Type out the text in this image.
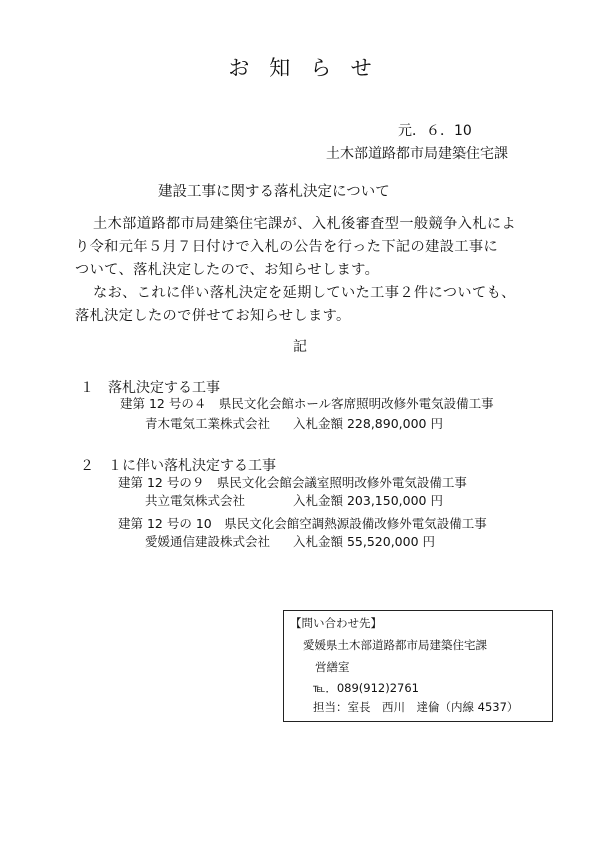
お知らせ
元．６．10
土木部道路都市局建築住宅課
建設工事に関する落札決定について
土木部道路都市局建築住宅課が、入札後審査型一般競争入札によ
り令和元年５月７日付けで入札の公告を行った下記の建設工事に
ついて、落札決定したので、お知らせします。
なお、これに伴い落札決定を延期していた工事２件についても、
落札決定したので併せてお知らせします。
記
１　落札決定する工事
建第 12 号の４　県民文化会館ホール客席照明改修外電気設備工事
青木電気工業株式会社 入札金額 228,890,000 円
２　１に伴い落札決定する工事
建第 12 号の９　県民文化会館会議室照明改修外電気設備工事
共立電気株式会社	入札金額 203,150,000 円
建第 12 号の 10　県民文化会館空調熱源設備改修外電気設備工事
愛媛通信建設株式会社 入札金額 55,520,000 円
【問い合わせ先】
愛媛県土木部道路都市局建築住宅課
営繕室
℡．089(912)2761
担当：室長　西川　達倫（内線 4537）
